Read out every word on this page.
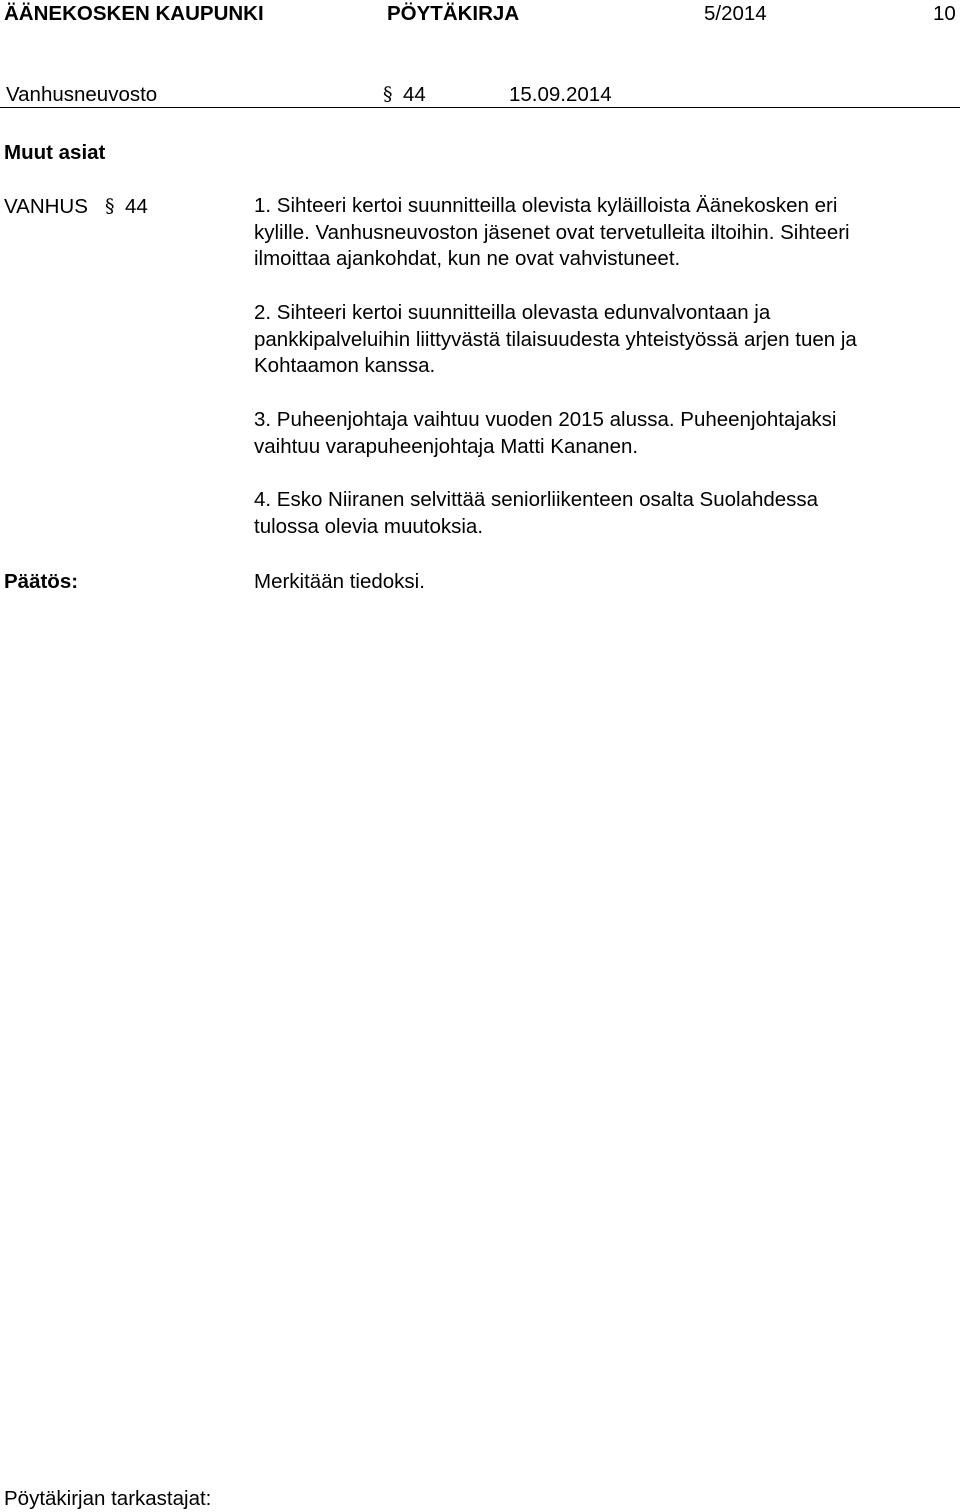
ÄÄNEKOSKEN KAUPUNKI	PÖYTÄKIRJA	5/2014	10
Vanhusneuvosto	§ 44	15.09.2014
Muut asiat
VANHUS § 44	1. Sihteeri kertoi suunnitteilla olevista kyläilloista Äänekosken eri
kylille. Vanhusneuvoston jäsenet ovat tervetulleita iltoihin. Sihteeri
ilmoittaa ajankohdat, kun ne ovat vahvistuneet.
2. Sihteeri kertoi suunnitteilla olevasta edunvalvontaan ja
pankkipalveluihin liittyvästä tilaisuudesta yhteistyössä arjen tuen ja
Kohtaamon kanssa.
3. Puheenjohtaja vaihtuu vuoden 2015 alussa. Puheenjohtajaksi
vaihtuu varapuheenjohtaja Matti Kananen.
4. Esko Niiranen selvittää seniorliikenteen osalta Suolahdessa
tulossa olevia muutoksia.
Päätös:	Merkitään tiedoksi.
Pöytäkirjan tarkastajat:
